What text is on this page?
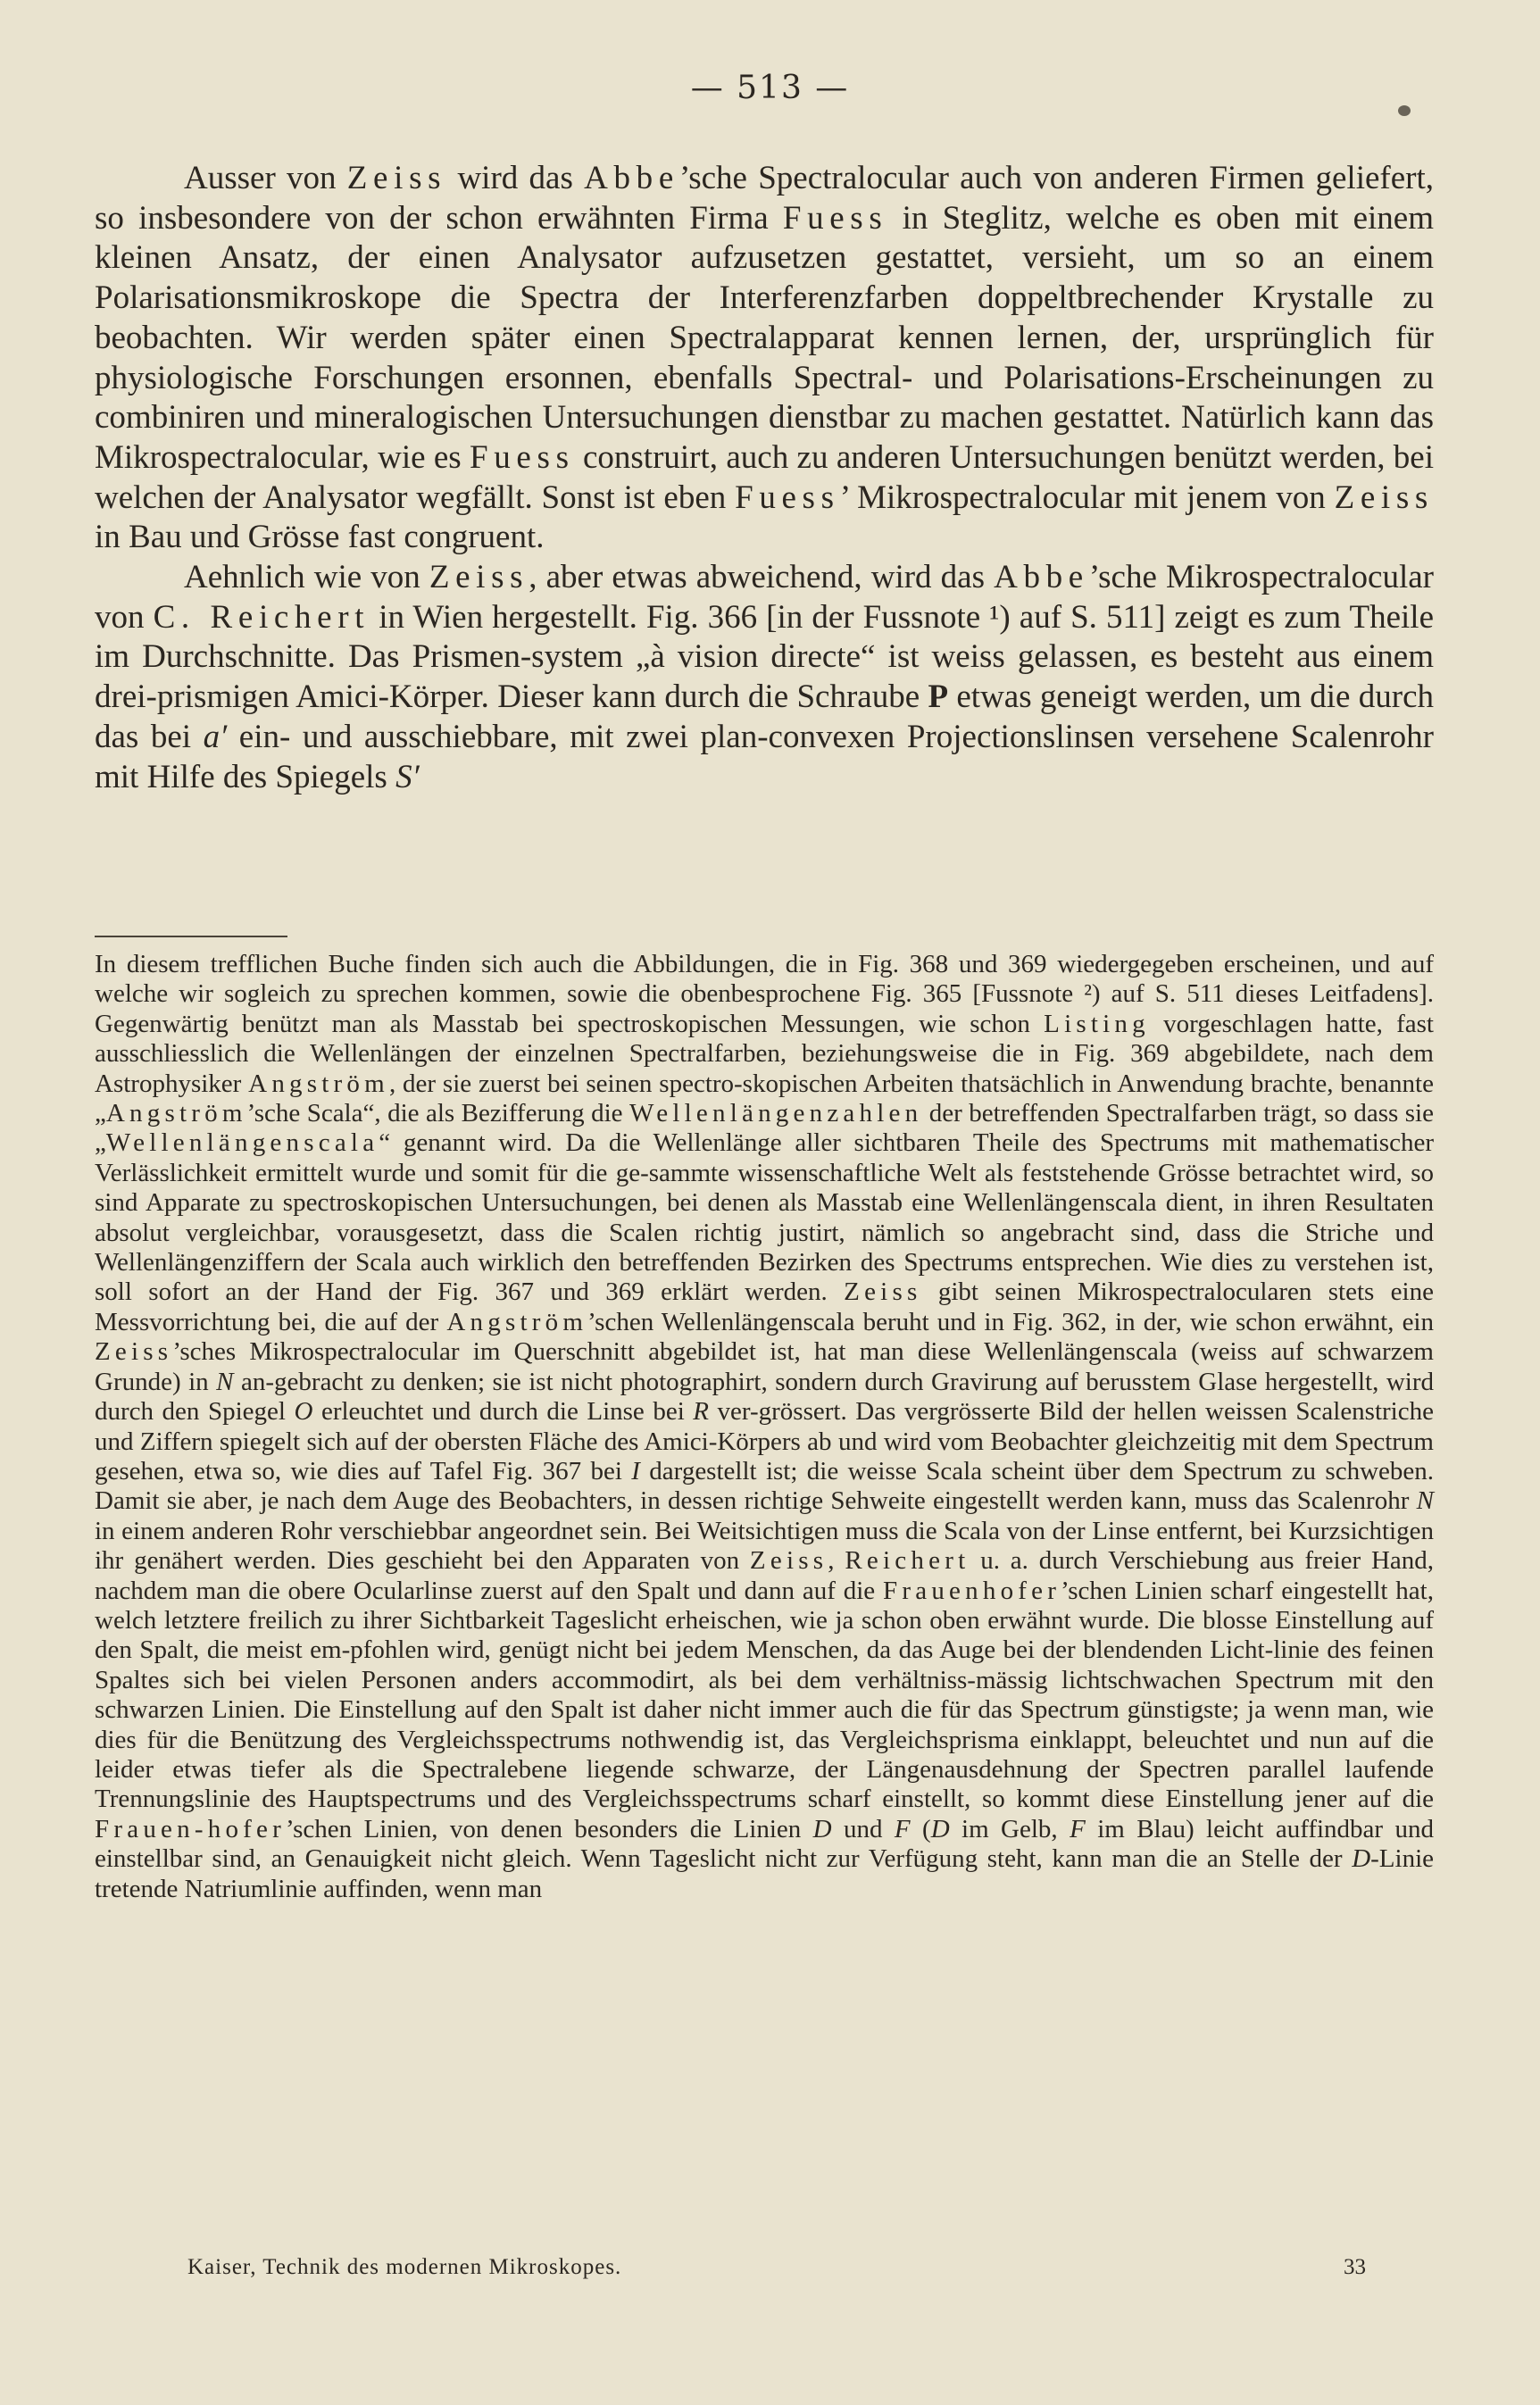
— 513 —

Ausser von Zeiss wird das Abbe’sche Spectralocular auch von anderen Firmen geliefert, so insbesondere von der schon erwähnten Firma Fuess in Steglitz, welche es oben mit einem kleinen Ansatz, der einen Analysator aufzusetzen gestattet, versieht, um so an einem Polarisationsmikroskope die Spectra der Interferenzfarben doppeltbrechender Krystalle zu beobachten. Wir werden später einen Spectralapparat kennen lernen, der, ursprünglich für physiologische Forschungen ersonnen, ebenfalls Spectral- und Polarisations-Erscheinungen zu combiniren und mineralogischen Untersuchungen dienstbar zu machen gestattet. Natürlich kann das Mikrospectralocular, wie es Fuess construirt, auch zu anderen Untersuchungen benützt werden, bei welchen der Analysator wegfällt. Sonst ist eben Fuess’ Mikrospectralocular mit jenem von Zeiss in Bau und Grösse fast congruent.

Aehnlich wie von Zeiss, aber etwas abweichend, wird das Abbe’sche Mikrospectralocular von C. Reichert in Wien hergestellt. Fig. 366 [in der Fussnote ¹) auf S. 511] zeigt es zum Theile im Durchschnitte. Das Prismen-system „à vision directe“ ist weiss gelassen, es besteht aus einem drei-prismigen Amici-Körper. Dieser kann durch die Schraube P etwas geneigt werden, um die durch das bei a′ ein- und ausschiebbare, mit zwei plan-convexen Projectionslinsen versehene Scalenrohr mit Hilfe des Spiegels S′

In diesem trefflichen Buche finden sich auch die Abbildungen, die in Fig. 368 und 369 wiedergegeben erscheinen, und auf welche wir sogleich zu sprechen kommen, sowie die obenbesprochene Fig. 365 [Fussnote ²) auf S. 511 dieses Leitfadens]. Gegenwärtig benützt man als Masstab bei spectroskopischen Messungen, wie schon Listing vorgeschlagen hatte, fast ausschliesslich die Wellenlängen der einzelnen Spectralfarben, beziehungsweise die in Fig. 369 abgebildete, nach dem Astrophysiker Angström, der sie zuerst bei seinen spectro-skopischen Arbeiten thatsächlich in Anwendung brachte, benannte „Angström’sche Scala“, die als Bezifferung die Wellenlängenzahlen der betreffenden Spectralfarben trägt, so dass sie „Wellenlängenscala“ genannt wird. Da die Wellenlänge aller sichtbaren Theile des Spectrums mit mathematischer Verlässlichkeit ermittelt wurde und somit für die ge-sammte wissenschaftliche Welt als feststehende Grösse betrachtet wird, so sind Apparate zu spectroskopischen Untersuchungen, bei denen als Masstab eine Wellenlängenscala dient, in ihren Resultaten absolut vergleichbar, vorausgesetzt, dass die Scalen richtig justirt, nämlich so angebracht sind, dass die Striche und Wellenlängenziffern der Scala auch wirklich den betreffenden Bezirken des Spectrums entsprechen. Wie dies zu verstehen ist, soll sofort an der Hand der Fig. 367 und 369 erklärt werden. Zeiss gibt seinen Mikrospectralocularen stets eine Messvorrichtung bei, die auf der Angström’schen Wellenlängenscala beruht und in Fig. 362, in der, wie schon erwähnt, ein Zeiss’sches Mikrospectralocular im Querschnitt abgebildet ist, hat man diese Wellenlängenscala (weiss auf schwarzem Grunde) in N an-gebracht zu denken; sie ist nicht photographirt, sondern durch Gravirung auf berusstem Glase hergestellt, wird durch den Spiegel O erleuchtet und durch die Linse bei R ver-grössert. Das vergrösserte Bild der hellen weissen Scalenstriche und Ziffern spiegelt sich auf der obersten Fläche des Amici-Körpers ab und wird vom Beobachter gleichzeitig mit dem Spectrum gesehen, etwa so, wie dies auf Tafel Fig. 367 bei I dargestellt ist; die weisse Scala scheint über dem Spectrum zu schweben. Damit sie aber, je nach dem Auge des Beobachters, in dessen richtige Sehweite eingestellt werden kann, muss das Scalenrohr N in einem anderen Rohr verschiebbar angeordnet sein. Bei Weitsichtigen muss die Scala von der Linse entfernt, bei Kurzsichtigen ihr genähert werden. Dies geschieht bei den Apparaten von Zeiss, Reichert u. a. durch Verschiebung aus freier Hand, nachdem man die obere Ocularlinse zuerst auf den Spalt und dann auf die Frauenhofer’schen Linien scharf eingestellt hat, welch letztere freilich zu ihrer Sichtbarkeit Tageslicht erheischen, wie ja schon oben erwähnt wurde. Die blosse Einstellung auf den Spalt, die meist em-pfohlen wird, genügt nicht bei jedem Menschen, da das Auge bei der blendenden Licht-linie des feinen Spaltes sich bei vielen Personen anders accommodirt, als bei dem verhältniss-mässig lichtschwachen Spectrum mit den schwarzen Linien. Die Einstellung auf den Spalt ist daher nicht immer auch die für das Spectrum günstigste; ja wenn man, wie dies für die Benützung des Vergleichsspectrums nothwendig ist, das Vergleichsprisma einklappt, beleuchtet und nun auf die leider etwas tiefer als die Spectralebene liegende schwarze, der Längenausdehnung der Spectren parallel laufende Trennungslinie des Hauptspectrums und des Vergleichsspectrums scharf einstellt, so kommt diese Einstellung jener auf die Frauen-hofer’schen Linien, von denen besonders die Linien D und F (D im Gelb, F im Blau) leicht auffindbar und einstellbar sind, an Genauigkeit nicht gleich. Wenn Tageslicht nicht zur Verfügung steht, kann man die an Stelle der D-Linie tretende Natriumlinie auffinden, wenn man

Kaiser, Technik des modernen Mikroskopes.	33
